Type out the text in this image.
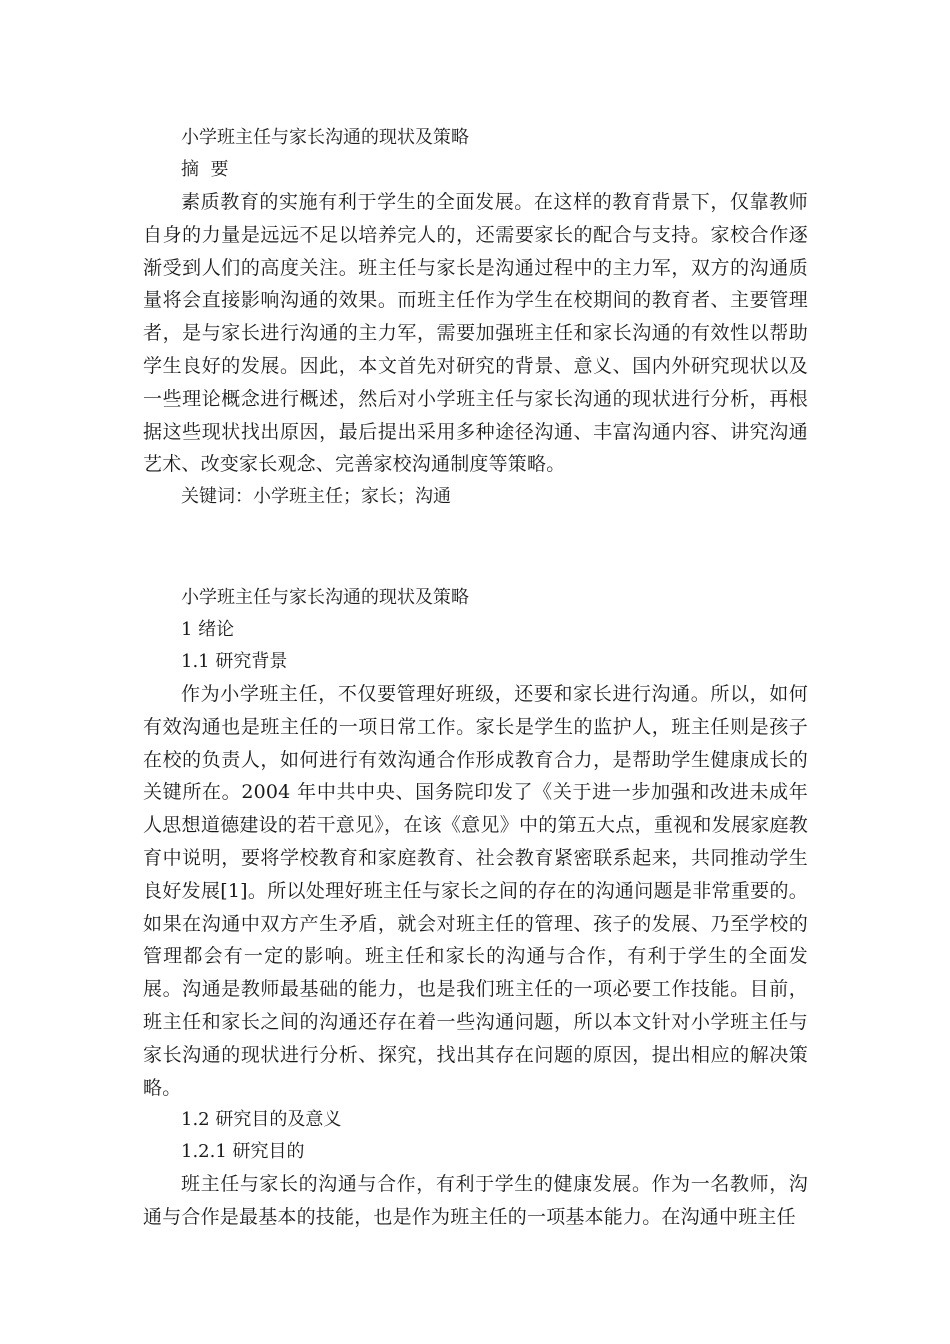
小学班主任与家长沟通的现状及策略

摘  要

素质教育的实施有利于学生的全面发展。在这样的教育背景下，仅靠教师自身的力量是远远不足以培养完人的，还需要家长的配合与支持。家校合作逐渐受到人们的高度关注。班主任与家长是沟通过程中的主力军，双方的沟通质量将会直接影响沟通的效果。而班主任作为学生在校期间的教育者、主要管理者，是与家长进行沟通的主力军，需要加强班主任和家长沟通的有效性以帮助学生良好的发展。因此，本文首先对研究的背景、意义、国内外研究现状以及一些理论概念进行概述，然后对小学班主任与家长沟通的现状进行分析，再根据这些现状找出原因，最后提出采用多种途径沟通、丰富沟通内容、讲究沟通艺术、改变家长观念、完善家校沟通制度等策略。

关键词：小学班主任；家长；沟通

小学班主任与家长沟通的现状及策略

1 绪论

1.1 研究背景

作为小学班主任，不仅要管理好班级，还要和家长进行沟通。所以，如何有效沟通也是班主任的一项日常工作。家长是学生的监护人，班主任则是孩子在校的负责人，如何进行有效沟通合作形成教育合力，是帮助学生健康成长的关键所在。2004 年中共中央、国务院印发了《关于进一步加强和改进未成年人思想道德建设的若干意见》，在该《意见》中的第五大点，重视和发展家庭教育中说明，要将学校教育和家庭教育、社会教育紧密联系起来，共同推动学生良好发展[1]。所以处理好班主任与家长之间的存在的沟通问题是非常重要的。如果在沟通中双方产生矛盾，就会对班主任的管理、孩子的发展、乃至学校的管理都会有一定的影响。班主任和家长的沟通与合作，有利于学生的全面发展。沟通是教师最基础的能力，也是我们班主任的一项必要工作技能。目前，班主任和家长之间的沟通还存在着一些沟通问题，所以本文针对小学班主任与家长沟通的现状进行分析、探究，找出其存在问题的原因，提出相应的解决策略。

1.2 研究目的及意义

1.2.1 研究目的

班主任与家长的沟通与合作，有利于学生的健康发展。作为一名教师，沟通与合作是最基本的技能，也是作为班主任的一项基本能力。在沟通中班主任
